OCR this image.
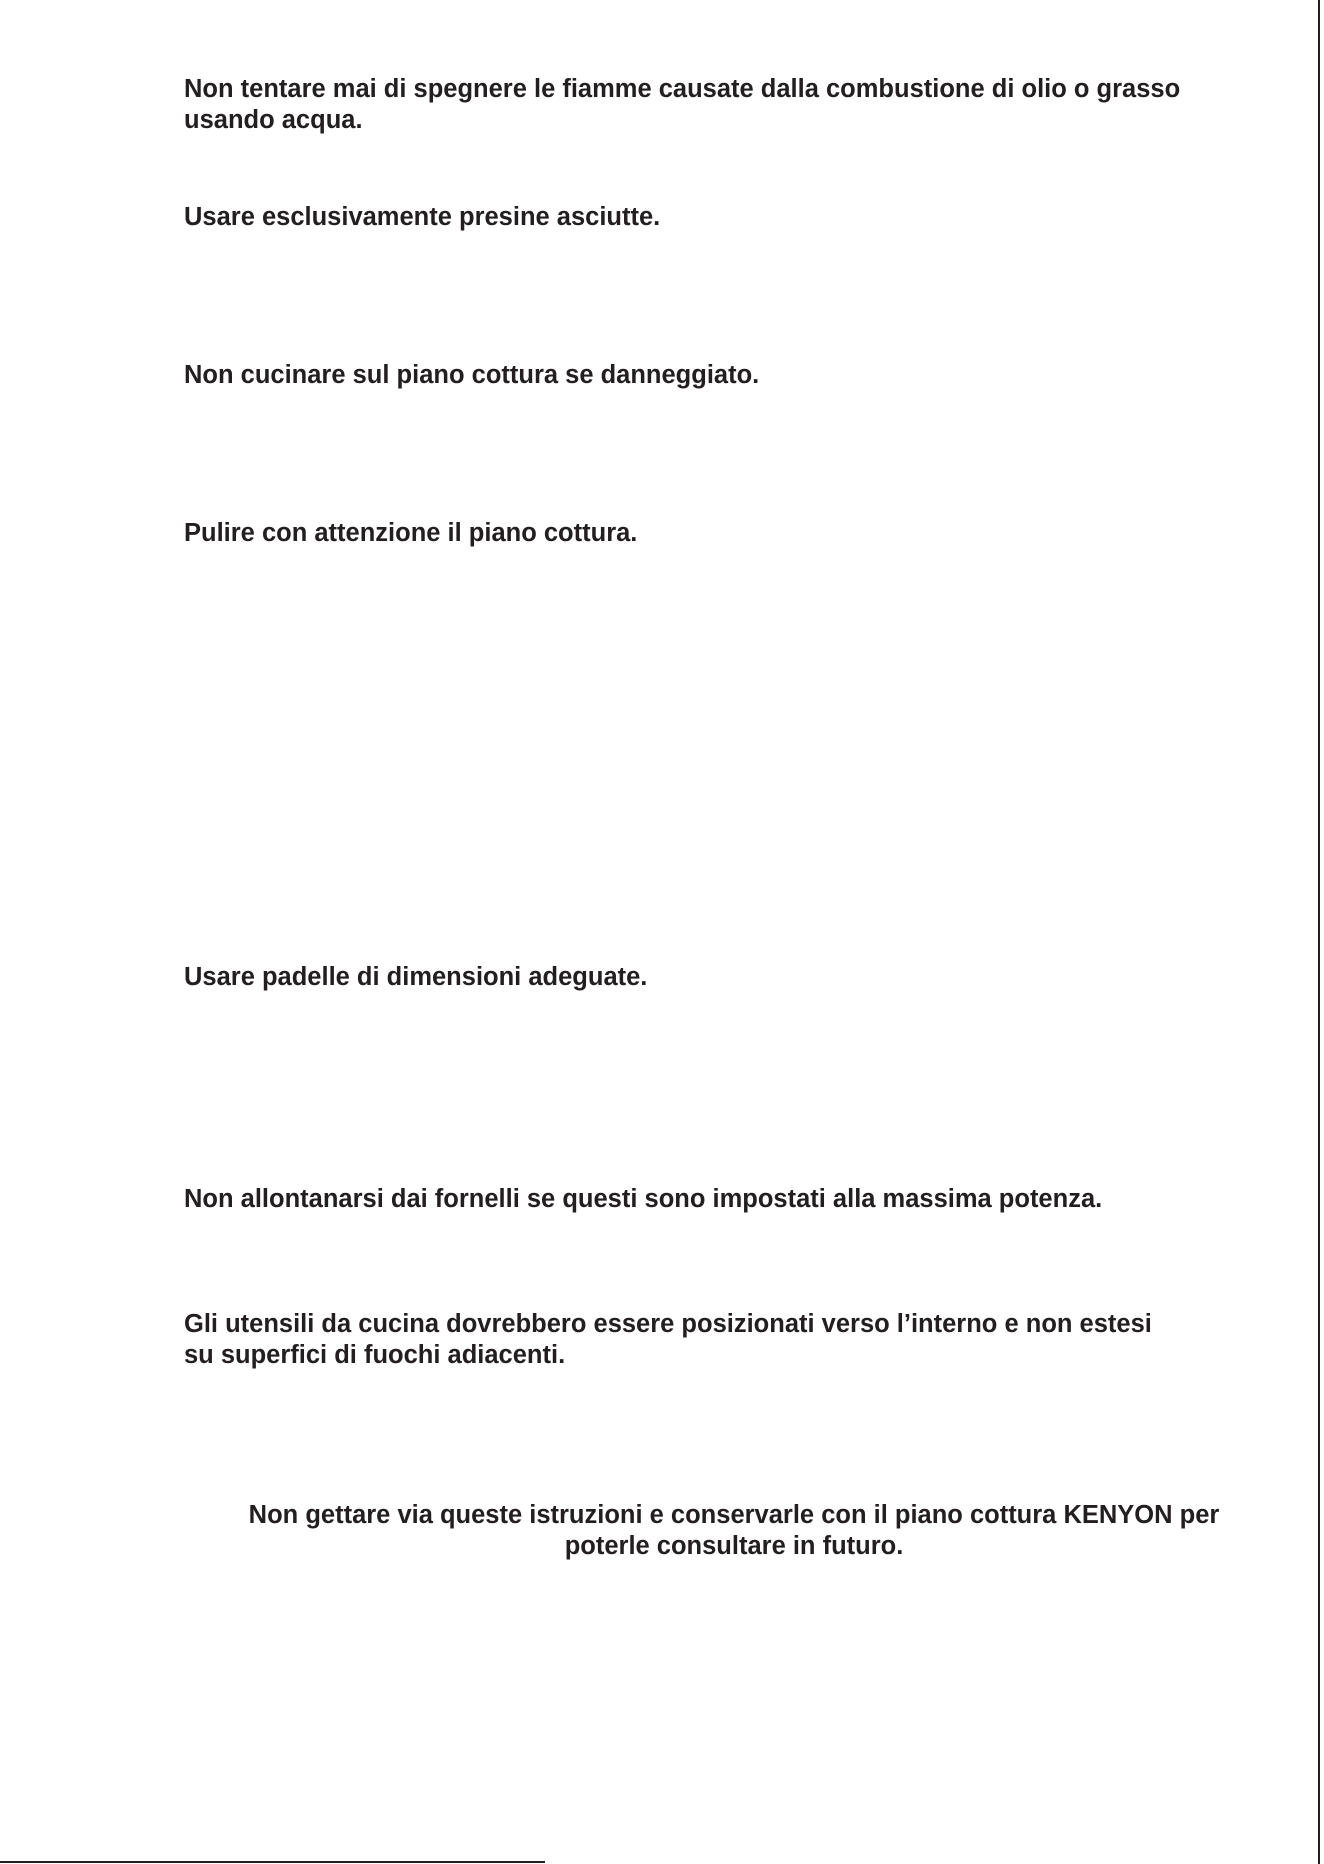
Non tentare mai di spegnere le fiamme causate dalla combustione di olio o grasso
usando acqua.

Usare esclusivamente presine asciutte.

Non cucinare sul piano cottura se danneggiato.

Pulire con attenzione il piano cottura.

Usare padelle di dimensioni adeguate.

Non allontanarsi dai fornelli se questi sono impostati alla massima potenza.

Gli utensili da cucina dovrebbero essere posizionati verso l’interno e non estesi
su superfici di fuochi adiacenti.

Non gettare via queste istruzioni e conservarle con il piano cottura KENYON per
poterle consultare in futuro.
